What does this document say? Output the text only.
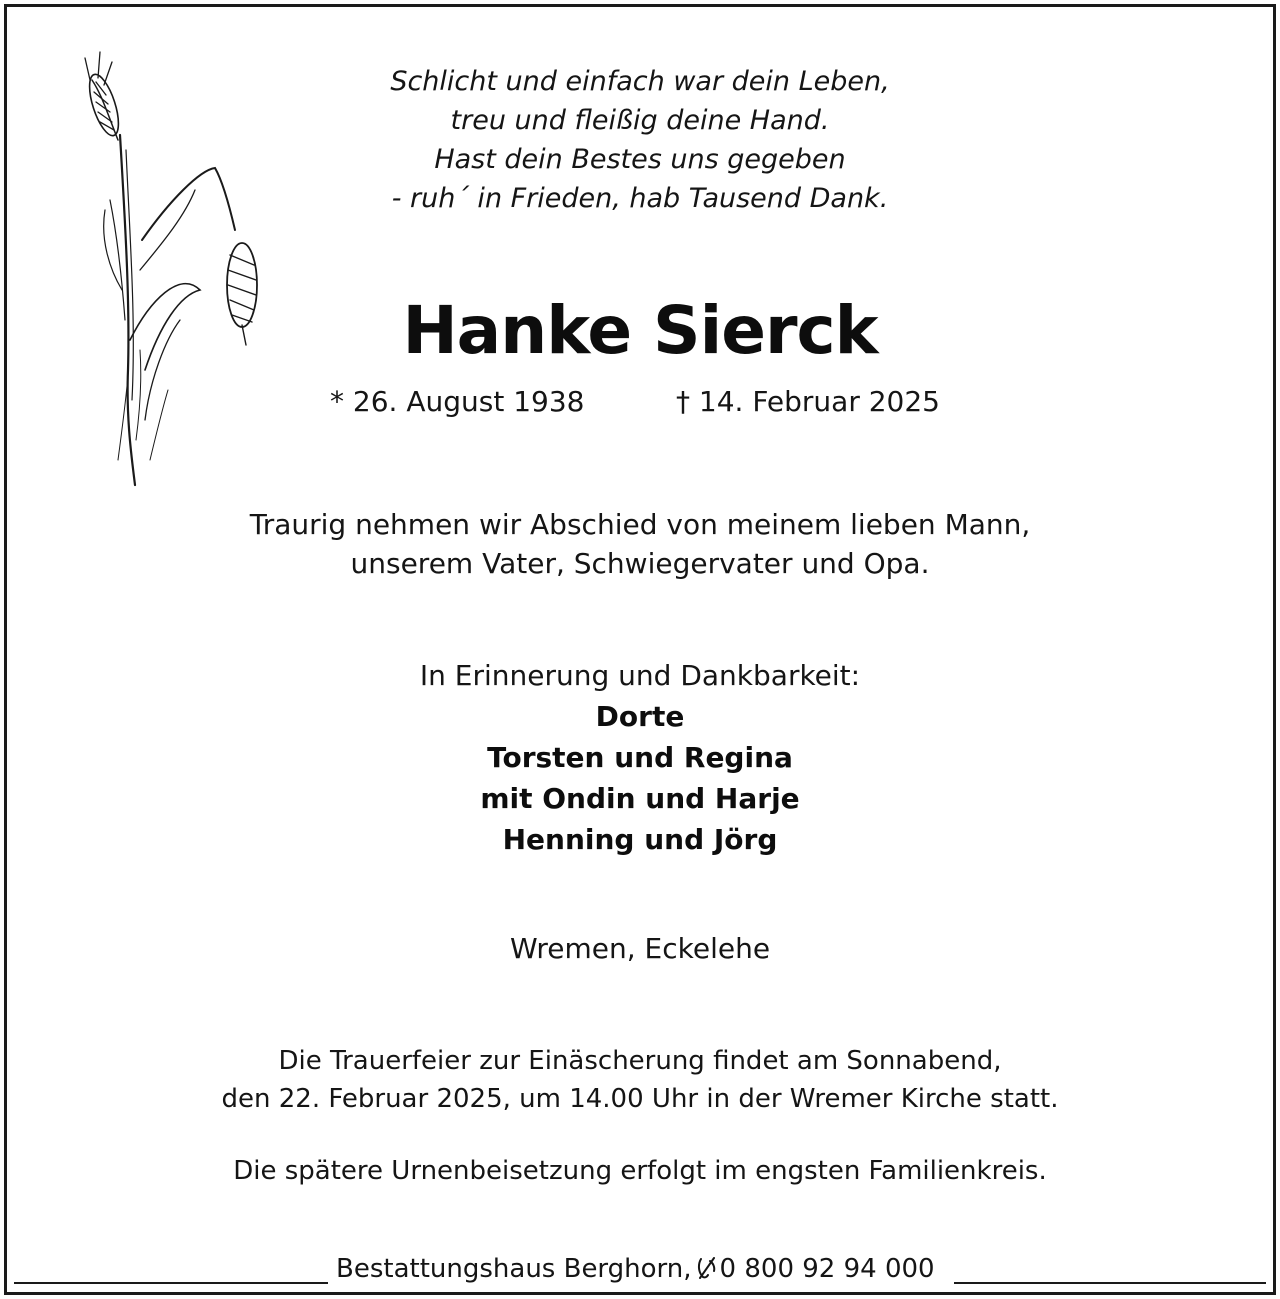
Schlicht und einfach war dein Leben,
treu und fleißig deine Hand.
Hast dein Bestes uns gegeben
- ruh´ in Frieden, hab Tausend Dank.
Hanke Sierck
* 26. August 1938	† 14. Februar 2025
Traurig nehmen wir Abschied von meinem lieben Mann,
unserem Vater, Schwiegervater und Opa.
In Erinnerung und Dankbarkeit:
Dorte
Torsten und Regina
mit Ondin und Harje
Henning und Jörg
Wremen, Eckelehe
Die Trauerfeier zur Einäscherung findet am Sonnabend,
den 22. Februar 2025, um 14.00 Uhr in der Wremer Kirche statt.
Die spätere Urnenbeisetzung erfolgt im engsten Familienkreis.
Bestattungshaus Berghorn, 0 800 92 94 000
